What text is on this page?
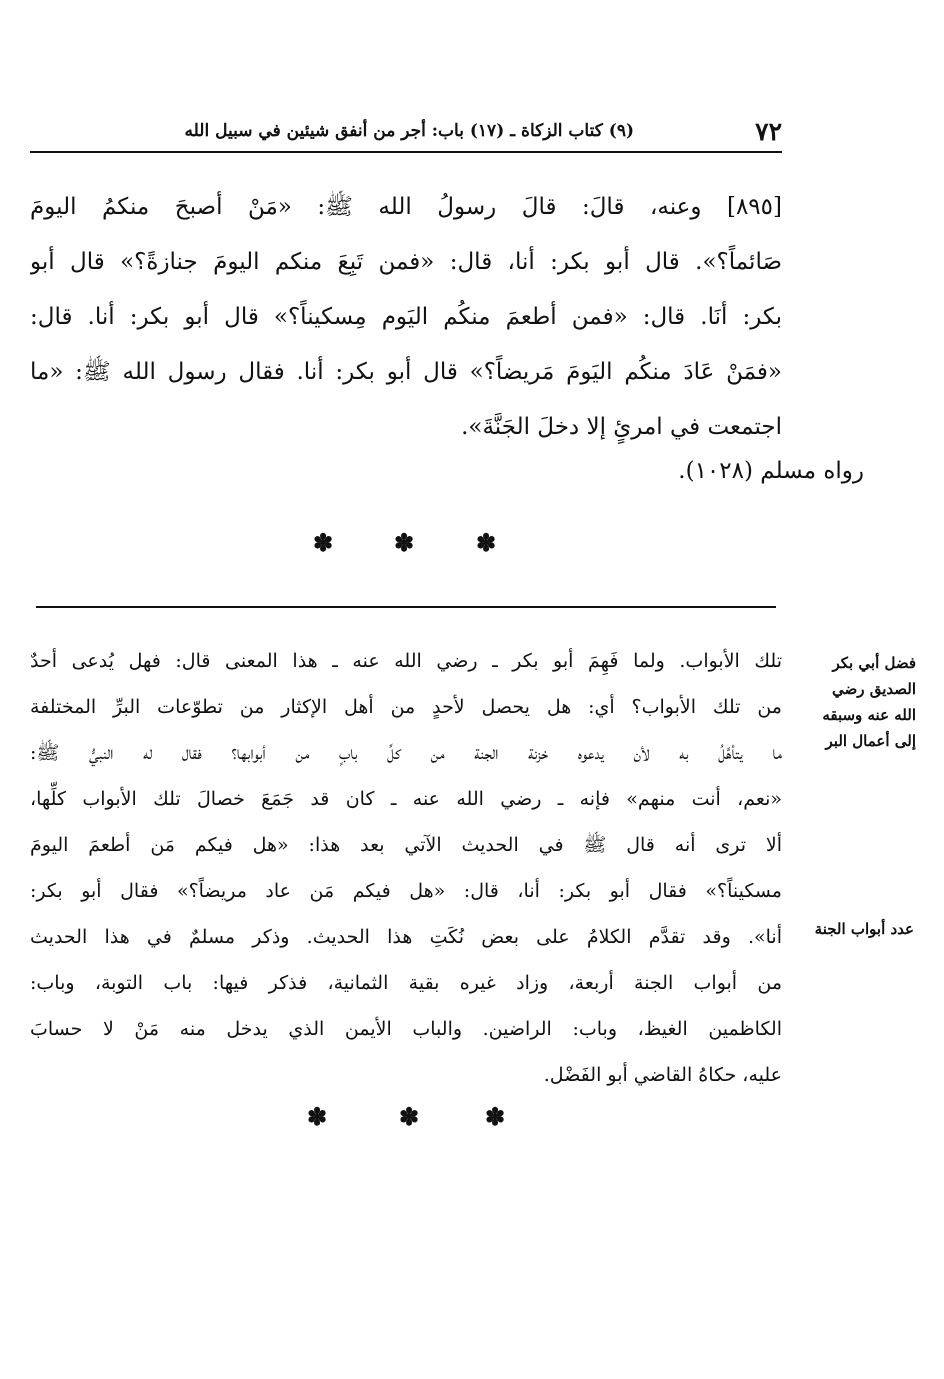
٧٢
(٩) كتاب الزكاة ـ (١٧) باب: أجر من أنفق شيئين في سبيل الله
[٨٩٥] وعنه، قالَ: قالَ رسولُ الله ﷺ: «مَنْ أصبحَ منكمُ اليومَ
صَائماً؟». قال أبو بكر: أنا، قال: «فمن تَبِعَ منكم اليومَ جنازةً؟» قال أبو
بكر: أنَا. قال: «فمن أطعمَ منكُم اليَوم مِسكيناً؟» قال أبو بكر: أنا. قال:
«فمَنْ عَادَ منكُم اليَومَ مَريضاً؟» قال أبو بكر: أنا. فقال رسول الله ﷺ: «ما
اجتمعت في امرئٍ إلا دخلَ الجَنَّةَ».
رواه مسلم (١٠٢٨).
✽	✽	✽
تلك الأبواب. ولما فَهِمَ أبو بكر ـ رضي الله عنه ـ هذا المعنى قال: فهل يُدعى أحدٌ
من تلك الأبواب؟ أي: هل يحصل لأحدٍ من أهل الإكثار من تطوّعات البرِّ المختلفة
ما يتأهَّلُ به لأن يدعوه خزنة الجنة من كلِّ بابٍ من أبوابها؟ فقال له النبيُّ ﷺ:
«نعم، أنت منهم» فإنه ـ رضي الله عنه ـ كان قد جَمَعَ خصالَ تلك الأبواب كلِّها،
ألا ترى أنه قال ﷺ في الحديث الآتي بعد هذا: «هل فيكم مَن أطعمَ اليومَ
مسكيناً؟» فقال أبو بكر: أنا، قال: «هل فيكم مَن عاد مريضاً؟» فقال أبو بكر:
أنا». وقد تقدَّم الكلامُ على بعض نُكَتِ هذا الحديث. وذكر مسلمٌ في هذا الحديث
من أبواب الجنة أربعة، وزاد غيره بقية الثمانية، فذكر فيها: باب التوبة، وباب:
الكاظمين الغيظ، وباب: الراضين. والباب الأيمن الذي يدخل منه مَنْ لا حسابَ
عليه، حكاهُ القاضي أبو الفَضْل.
فضل أبي بكر
الصديق رضي
الله عنه وسبقه
إلى أعمال البر
عدد أبواب الجنة
✽	✽	✽
